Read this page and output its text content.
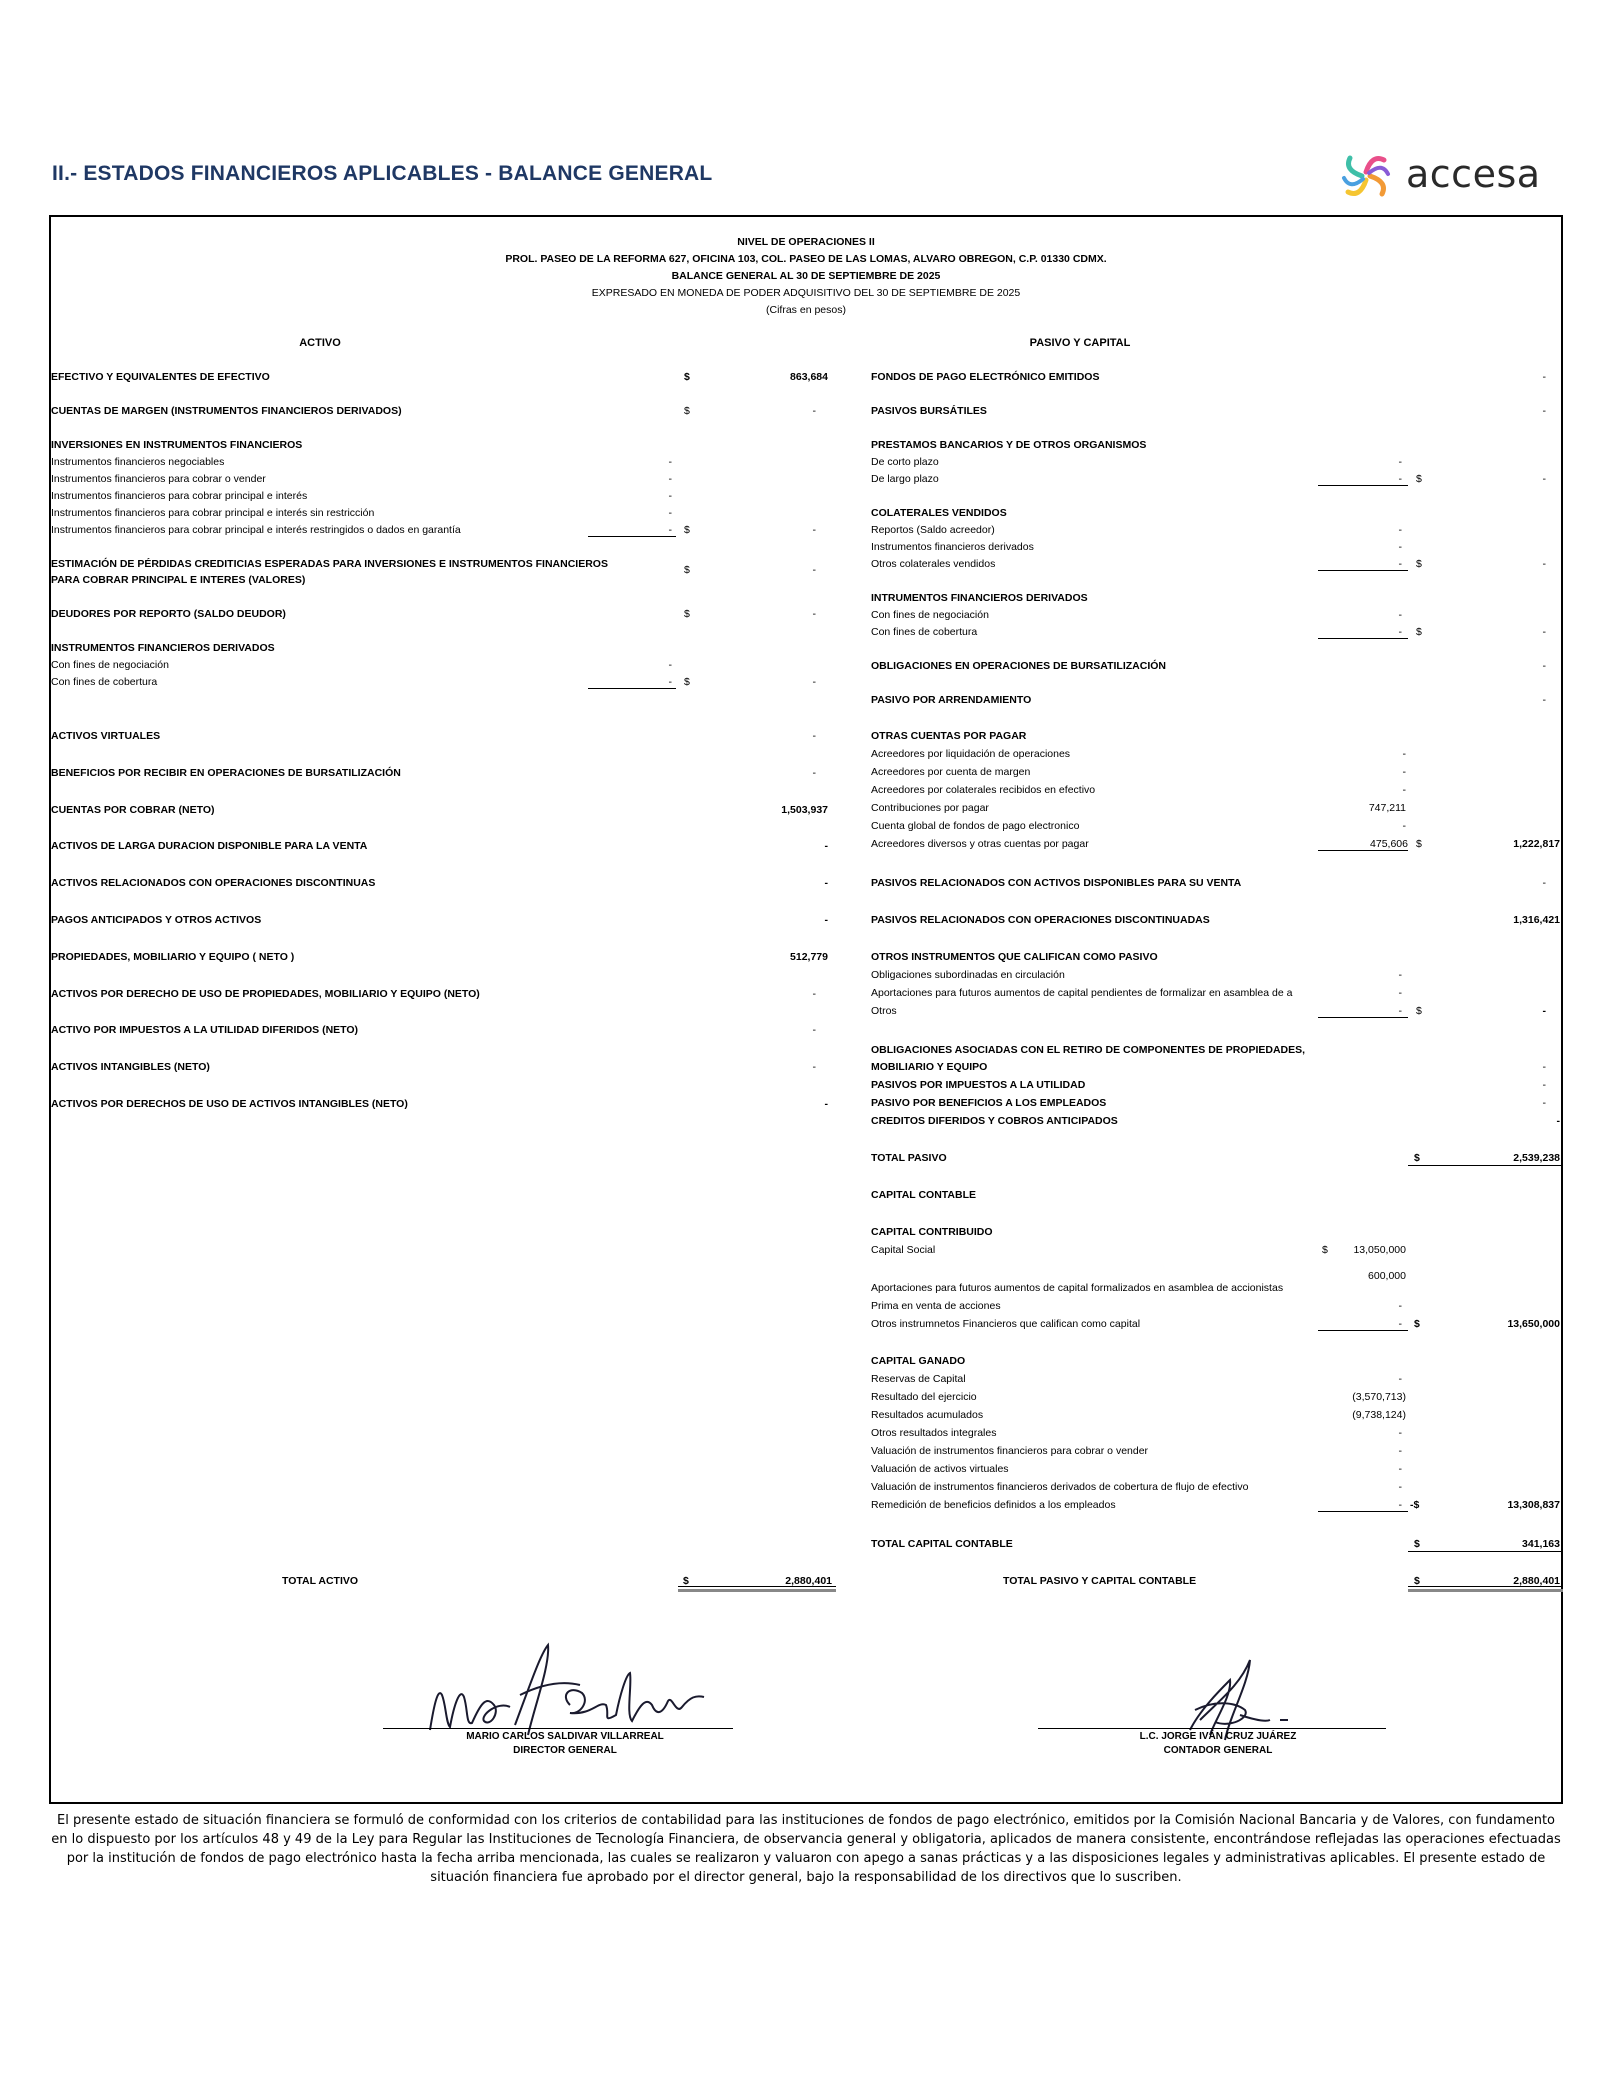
II.- ESTADOS FINANCIEROS APLICABLES - BALANCE GENERAL	accesa
NIVEL DE OPERACIONES II
PROL. PASEO DE LA REFORMA 627, OFICINA 103, COL. PASEO DE LAS LOMAS, ALVARO OBREGON, C.P. 01330 CDMX.
BALANCE GENERAL AL 30 DE SEPTIEMBRE DE 2025
EXPRESADO EN MONEDA DE PODER ADQUISITIVO DEL 30 DE SEPTIEMBRE DE 2025
(Cifras en pesos)
ACTIVO	PASIVO Y CAPITAL
EFECTIVO Y EQUIVALENTES DE EFECTIVO	$	863,684
CUENTAS DE MARGEN (INSTRUMENTOS FINANCIEROS DERIVADOS)	$	-
INVERSIONES EN INSTRUMENTOS FINANCIEROS
Instrumentos financieros negociables	-
Instrumentos financieros para cobrar o vender	-
Instrumentos financieros para cobrar principal e interés	-
Instrumentos financieros para cobrar principal e interés sin restricción	-
Instrumentos financieros para cobrar principal e interés restringidos o dados en garantía	- $	-
ESTIMACIÓN DE PÉRDIDAS CREDITICIAS ESPERADAS PARA INVERSIONES E INSTRUMENTOS FINANCIEROS
PARA COBRAR PRINCIPAL E INTERES (VALORES)
$	-
DEUDORES POR REPORTO (SALDO DEUDOR)	$	-
INSTRUMENTOS FINANCIEROS DERIVADOS
Con fines de negociación	-
Con fines de cobertura	- $	-
ACTIVOS VIRTUALES	-
BENEFICIOS POR RECIBIR EN OPERACIONES DE BURSATILIZACIÓN	-
CUENTAS POR COBRAR (NETO)	1,503,937
ACTIVOS DE LARGA DURACION DISPONIBLE PARA LA VENTA	-
ACTIVOS RELACIONADOS CON OPERACIONES DISCONTINUAS	-
PAGOS ANTICIPADOS Y OTROS ACTIVOS	-
PROPIEDADES, MOBILIARIO Y EQUIPO ( NETO )	512,779
ACTIVOS POR DERECHO DE USO DE PROPIEDADES, MOBILIARIO Y EQUIPO (NETO)	-
ACTIVO POR IMPUESTOS A LA UTILIDAD DIFERIDOS (NETO)	-
ACTIVOS INTANGIBLES (NETO)	-
ACTIVOS POR DERECHOS DE USO DE ACTIVOS INTANGIBLES (NETO)	-
TOTAL ACTIVO	$	2,880,401
FONDOS DE PAGO ELECTRÓNICO EMITIDOS	-
PASIVOS BURSÁTILES	-
PRESTAMOS BANCARIOS Y DE OTROS ORGANISMOS
De corto plazo	-
De largo plazo	- $	-
COLATERALES VENDIDOS
Reportos (Saldo acreedor)	-
Instrumentos financieros derivados	-
Otros colaterales vendidos	- $	-
INTRUMENTOS FINANCIEROS DERIVADOS
Con fines de negociación	-
Con fines de cobertura	- $	-
OBLIGACIONES EN OPERACIONES DE BURSATILIZACIÓN	-
PASIVO POR ARRENDAMIENTO	-
OTRAS CUENTAS POR PAGAR
Acreedores por liquidación de operaciones	-
Acreedores por cuenta de margen	-
Acreedores por colaterales recibidos en efectivo	-
Contribuciones por pagar	747,211
Cuenta global de fondos de pago electronico	-
Acreedores diversos y otras cuentas por pagar	475,606 $	1,222,817
PASIVOS RELACIONADOS CON ACTIVOS DISPONIBLES PARA SU VENTA	-
PASIVOS RELACIONADOS CON OPERACIONES DISCONTINUADAS	1,316,421
OTROS INSTRUMENTOS QUE CALIFICAN COMO PASIVO
Obligaciones subordinadas en circulación	-
Aportaciones para futuros aumentos de capital pendientes de formalizar en asamblea de a	-
Otros	- $	-
OBLIGACIONES ASOCIADAS CON EL RETIRO DE COMPONENTES DE PROPIEDADES,
MOBILIARIO Y EQUIPO	-
PASIVOS POR IMPUESTOS A LA UTILIDAD	-
PASIVO POR BENEFICIOS A LOS EMPLEADOS	-
CREDITOS DIFERIDOS Y COBROS ANTICIPADOS	-
TOTAL PASIVO	$	2,539,238
CAPITAL CONTABLE
CAPITAL CONTRIBUIDO
Capital Social	$	13,050,000
600,000
Aportaciones para futuros aumentos de capital formalizados en asamblea de accionistas
Prima en venta de acciones	-
Otros instrumnetos Financieros que califican como capital	- $	13,650,000
CAPITAL GANADO
Reservas de Capital	-
Resultado del ejercicio	(3,570,713)
Resultados acumulados	(9,738,124)
Otros resultados integrales	-
Valuación de instrumentos financieros para cobrar o vender	-
Valuación de activos virtuales	-
Valuación de instrumentos financieros derivados de cobertura de flujo de efectivo	-
Remedición de beneficios definidos a los empleados	- -$	13,308,837
TOTAL CAPITAL CONTABLE	$	341,163
TOTAL PASIVO Y CAPITAL CONTABLE	$	2,880,401
MARIO CARLOS SALDIVAR VILLARREAL
DIRECTOR GENERAL
L.C. JORGE IVÁN CRUZ JUÁREZ
CONTADOR GENERAL
El presente estado de situación financiera se formuló de conformidad con los criterios de contabilidad para las instituciones de fondos de pago electrónico, emitidos por la Comisión Nacional Bancaria y de Valores, con fundamento en lo dispuesto por los artículos 48 y 49 de la Ley para Regular las Instituciones de Tecnología Financiera, de observancia general y obligatoria, aplicados de manera consistente, encontrándose reflejadas las operaciones efectuadas por la institución de fondos de pago electrónico hasta la fecha arriba mencionada, las cuales se realizaron y valuaron con apego a sanas prácticas y a las disposiciones legales y administrativas aplicables. El presente estado de situación financiera fue aprobado por el director general, bajo la responsabilidad de los directivos que lo suscriben.
